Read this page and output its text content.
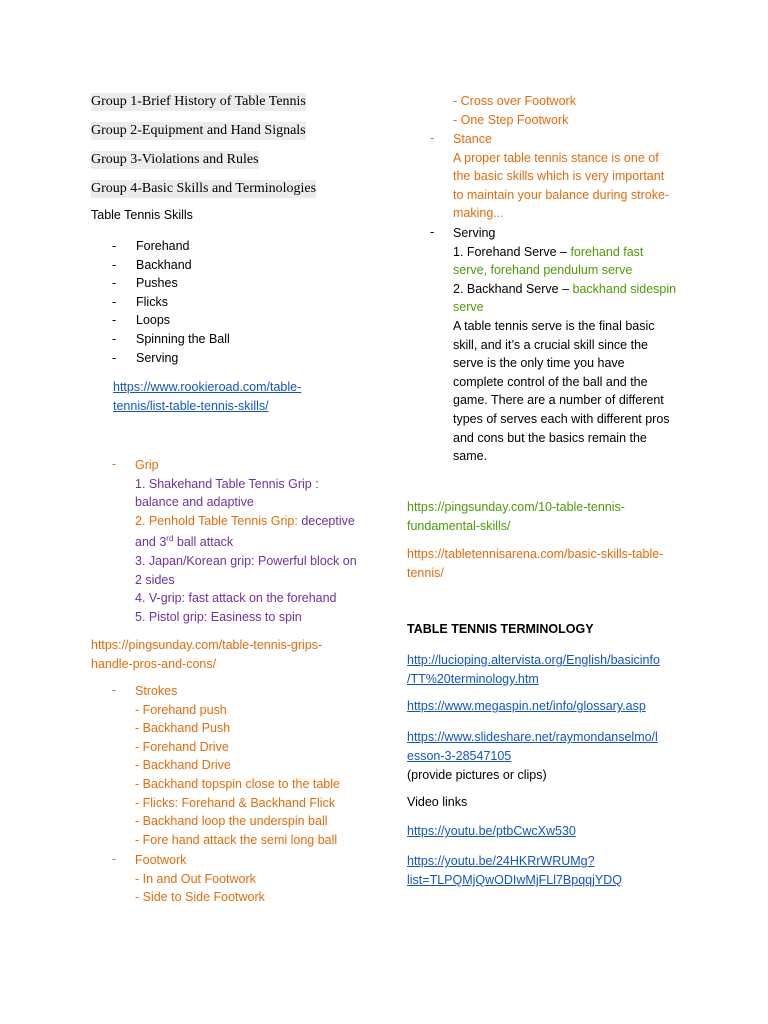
Group 1-Brief History of Table Tennis
Group 2-Equipment and Hand Signals
Group 3-Violations and Rules
Group 4-Basic Skills and Terminologies
Table Tennis Skills
- Forehand
- Backhand
- Pushes
- Flicks
- Loops
- Spinning the Ball
- Serving
https://www.rookieroad.com/table-
tennis/list-table-tennis-skills/
- Grip
1. Shakehand Table Tennis Grip :
balance and adaptive
2. Penhold Table Tennis Grip: deceptive
and 3rd ball attack
3. Japan/Korean grip: Powerful block on
2 sides
4. V-grip: fast attack on the forehand
5. Pistol grip: Easiness to spin
https://pingsunday.com/table-tennis-grips-
handle-pros-and-cons/
- Strokes
- Forehand push
- Backhand Push
- Forehand Drive
- Backhand Drive
- Backhand topspin close to the table
- Flicks: Forehand & Backhand Flick
- Backhand loop the underspin ball
- Fore hand attack the semi long ball
- Footwork
- In and Out Footwork
- Side to Side Footwork
- Cross over Footwork
- One Step Footwork
- Stance
A proper table tennis stance is one of
the basic skills which is very important
to maintain your balance during stroke-
making...
- Serving
1. Forehand Serve – forehand fast
serve, forehand pendulum serve
2. Backhand Serve – backhand sidespin
serve
A table tennis serve is the final basic
skill, and it’s a crucial skill since the
serve is the only time you have
complete control of the ball and the
game. There are a number of different
types of serves each with different pros
and cons but the basics remain the
same.
https://pingsunday.com/10-table-tennis-
fundamental-skills/
https://tabletennisarena.com/basic-skills-table-
tennis/
TABLE TENNIS TERMINOLOGY
http://lucioping.altervista.org/English/basicinfo
/TT%20terminology.htm
https://www.megaspin.net/info/glossary.asp
https://www.slideshare.net/raymondanselmo/l
esson-3-28547105
(provide pictures or clips)
Video links
https://youtu.be/ptbCwcXw530
https://youtu.be/24HKRrWRUMg?
list=TLPQMjQwODIwMjFLl7BpqqjYDQ
